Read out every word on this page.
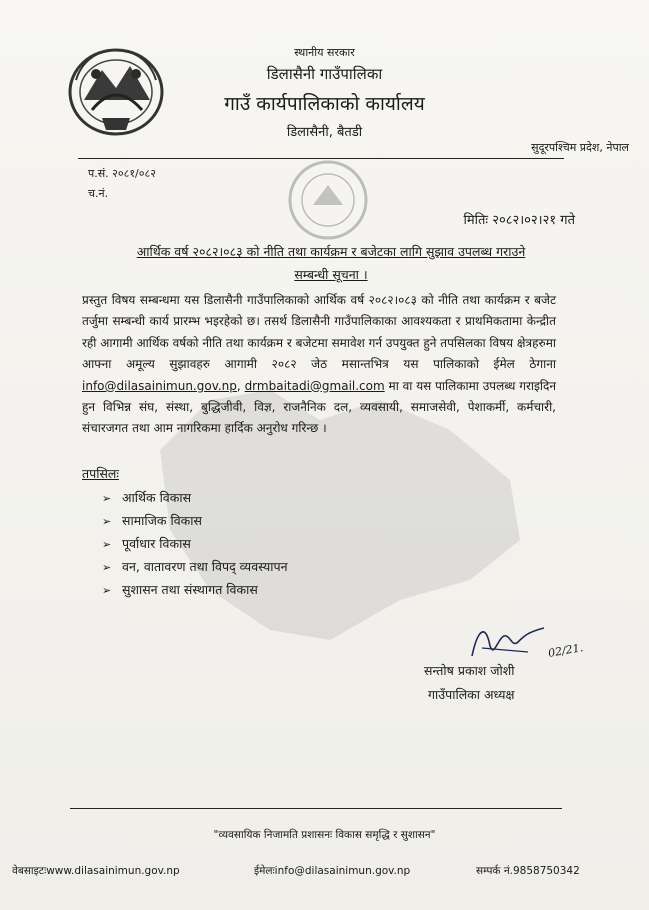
स्थानीय सरकार
डिलासैनी गाउँपालिका
गाउँ कार्यपालिकाको कार्यालय
डिलासैनी, बैतडी
सुदूरपश्चिम प्रदेश, नेपाल
प.सं. २०८१/०८२
च.नं.
मितिः २०८२।०२।२१ गते
आर्थिक वर्ष २०८२।०८३ को नीति तथा कार्यक्रम र बजेटका लागि सुझाव उपलब्ध गराउने
सम्बन्धी सूचना ।
प्रस्तुत विषय सम्बन्धमा यस डिलासैनी गाउँपालिकाको आर्थिक वर्ष २०८२।०८३ को नीति तथा कार्यक्रम र बजेट तर्जुमा सम्बन्धी कार्य प्रारम्भ भइरहेको छ। तसर्थ डिलासैनी गाउँपालिकाका आवश्यकता र प्राथमिकतामा केन्द्रीत रही आगामी आर्थिक वर्षको नीति तथा कार्यक्रम र बजेटमा समावेश गर्न उपयुक्त हुने तपसिलका विषय क्षेत्रहरुमा आफ्ना अमूल्य सुझावहरु आगामी २०८२ जेठ मसान्तभित्र यस पालिकाको ईमेल ठेगाना info@dilasainimun.gov.np, drmbaitadi@gmail.com मा वा यस पालिकामा उपलब्ध गराइदिन हुन विभिन्न संघ, संस्था, बुद्धिजीवी, विज्ञ, राजनैनिक दल, व्यवसायी, समाजसेवी, पेशाकर्मी, कर्मचारी, संचारजगत तथा आम नागरिकमा हार्दिक अनुरोध गरिन्छ ।
तपसिलः
➢ आर्थिक विकास
➢ सामाजिक विकास
➢ पूर्वाधार विकास
➢ वन, वातावरण तथा विपद् व्यवस्यापन
➢ सुशासन तथा संस्थागत विकास
02/21.
सन्तोष प्रकाश जोशी
गाउँपालिका अध्यक्ष
"व्यवसायिक निजामति प्रशासनः विकास समृद्धि र सुशासन"
वेबसाइटःwww.dilasainimun.gov.np	ईमेलःinfo@dilasainimun.gov.np	सम्पर्क नं.9858750342
